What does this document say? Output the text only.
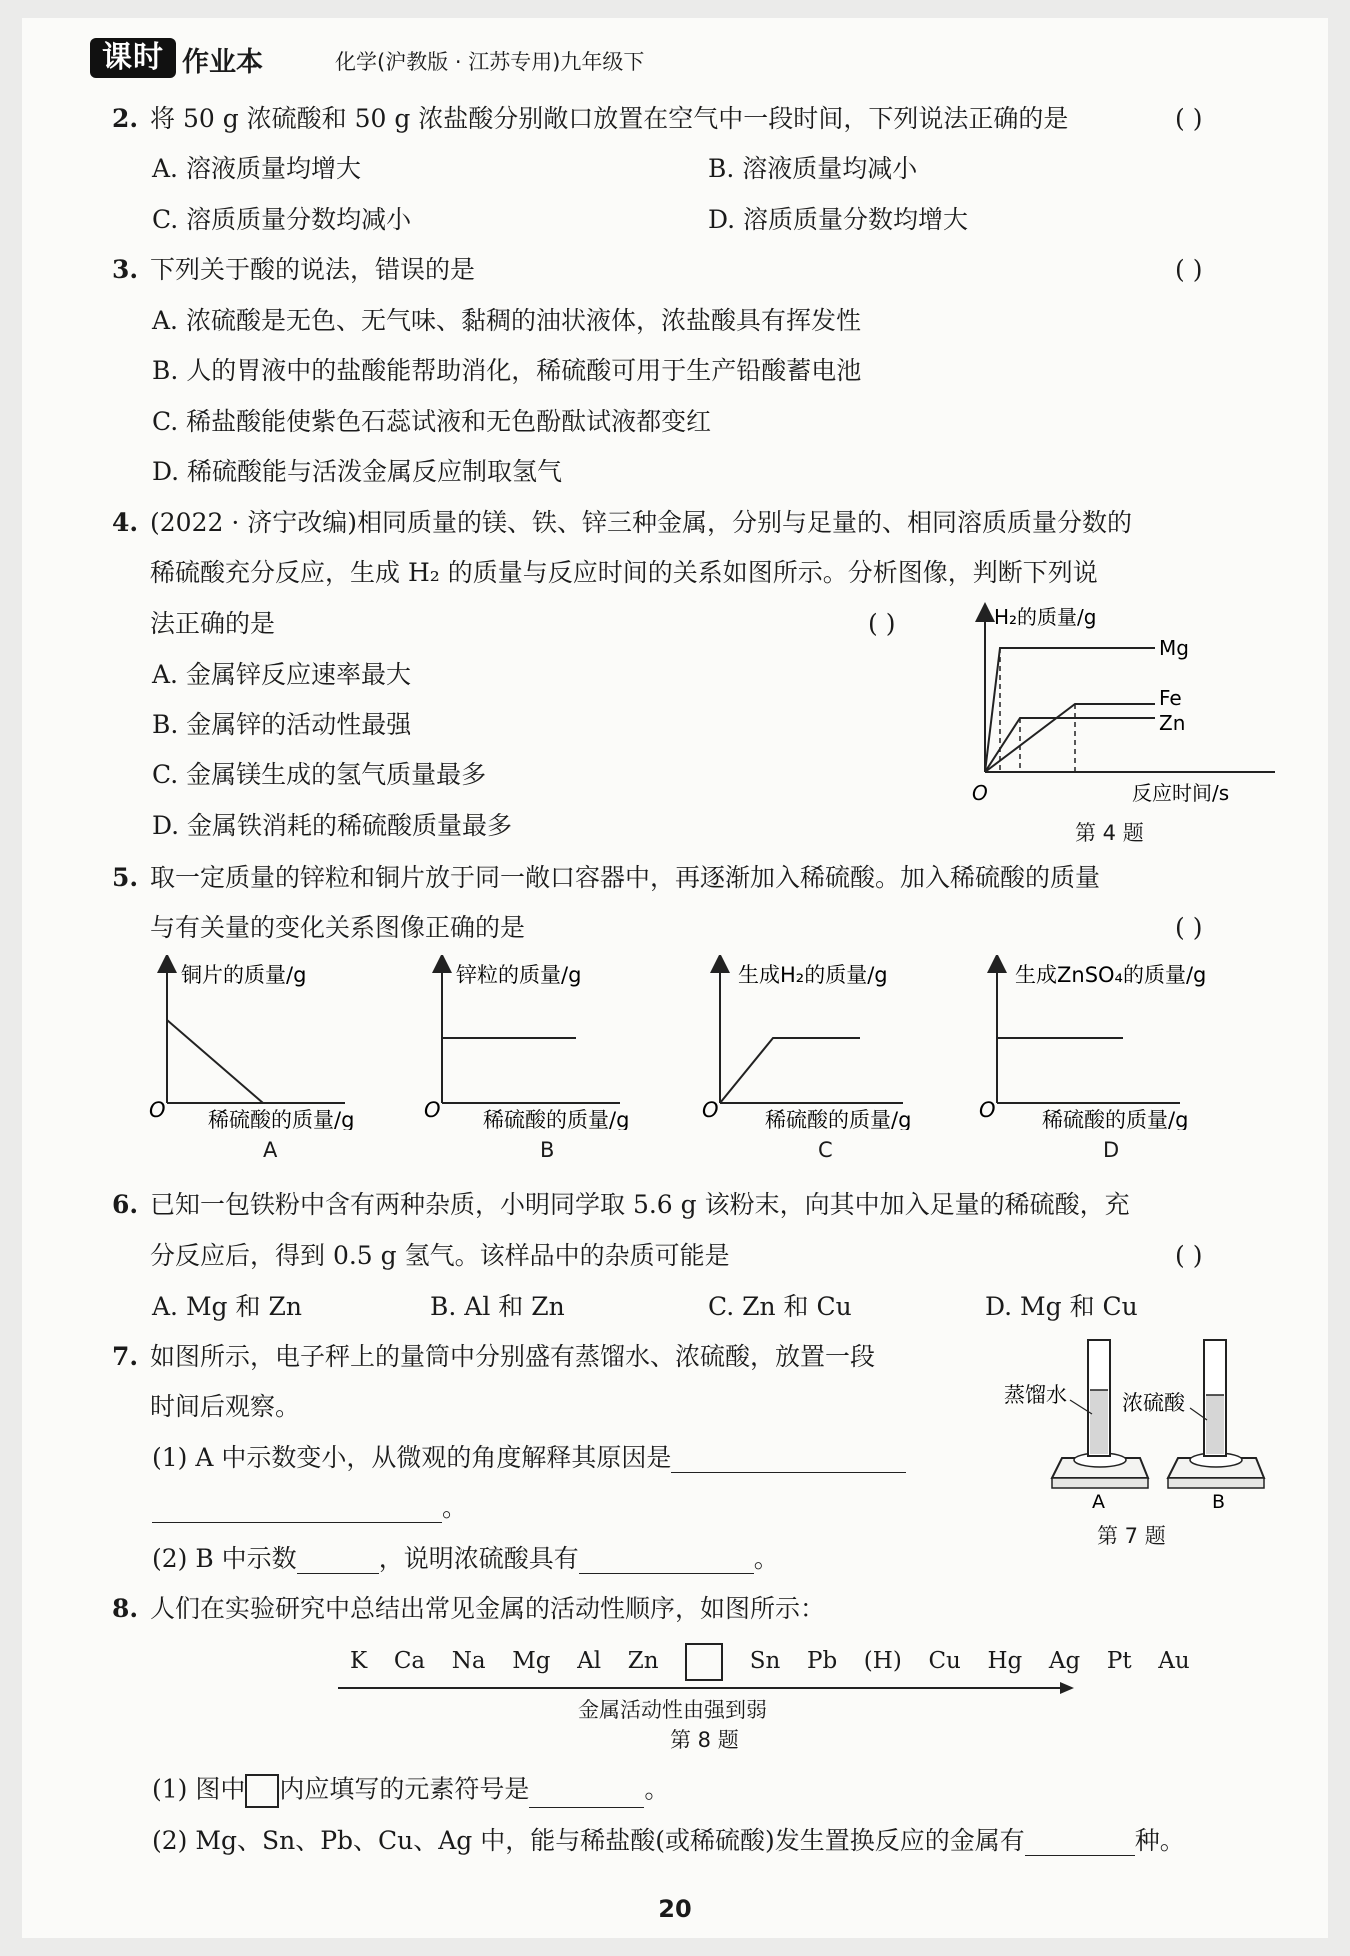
课时 作业本	化学(沪教版 · 江苏专用)九年级下
2. 将 50 g 浓硫酸和 50 g 浓盐酸分别敞口放置在空气中一段时间，下列说法正确的是	( )
A. 溶液质量均增大	B. 溶液质量均减小
C. 溶质质量分数均减小	D. 溶质质量分数均增大
3. 下列关于酸的说法，错误的是	( )
A. 浓硫酸是无色、无气味、黏稠的油状液体，浓盐酸具有挥发性
B. 人的胃液中的盐酸能帮助消化，稀硫酸可用于生产铅酸蓄电池
C. 稀盐酸能使紫色石蕊试液和无色酚酞试液都变红
D. 稀硫酸能与活泼金属反应制取氢气
4. (2022 · 济宁改编)相同质量的镁、铁、锌三种金属，分别与足量的、相同溶质质量分数的
稀硫酸充分反应，生成 H₂ 的质量与反应时间的关系如图所示。分析图像，判断下列说
法正确的是	( )
A. 金属锌反应速率最大
B. 金属锌的活动性最强
C. 金属镁生成的氢气质量最多
D. 金属铁消耗的稀硫酸质量最多
H₂的质量/g
Mg
Fe
Zn
O	反应时间/s
第 4 题
5. 取一定质量的锌粒和铜片放于同一敞口容器中，再逐渐加入稀硫酸。加入稀硫酸的质量
与有关量的变化关系图像正确的是	( )
铜片的质量/g
O 稀硫酸的质量/g
A
锌粒的质量/g
O 稀硫酸的质量/g
B
生成H₂的质量/g
O 稀硫酸的质量/g
C
生成ZnSO₄的质量/g
O 稀硫酸的质量/g
D
6. 已知一包铁粉中含有两种杂质，小明同学取 5.6 g 该粉末，向其中加入足量的稀硫酸，充
分反应后，得到 0.5 g 氢气。该样品中的杂质可能是	( )
A. Mg 和 Zn	B. Al 和 Zn	C. Zn 和 Cu	D. Mg 和 Cu
7. 如图所示，电子秤上的量筒中分别盛有蒸馏水、浓硫酸，放置一段
时间后观察。
(1) A 中示数变小，从微观的角度解释其原因是
。
(2) B 中示数	，说明浓硫酸具有	。
蒸馏水	浓硫酸
A	B
第 7 题
8. 人们在实验研究中总结出常见金属的活动性顺序，如图所示：
K Ca Na Mg Al Zn	Sn Pb (H) Cu Hg Ag Pt Au
金属活动性由强到弱
第 8 题
(1) 图中 内应填写的元素符号是	。
(2) Mg、Sn、Pb、Cu、Ag 中，能与稀盐酸(或稀硫酸)发生置换反应的金属有	种。
20
